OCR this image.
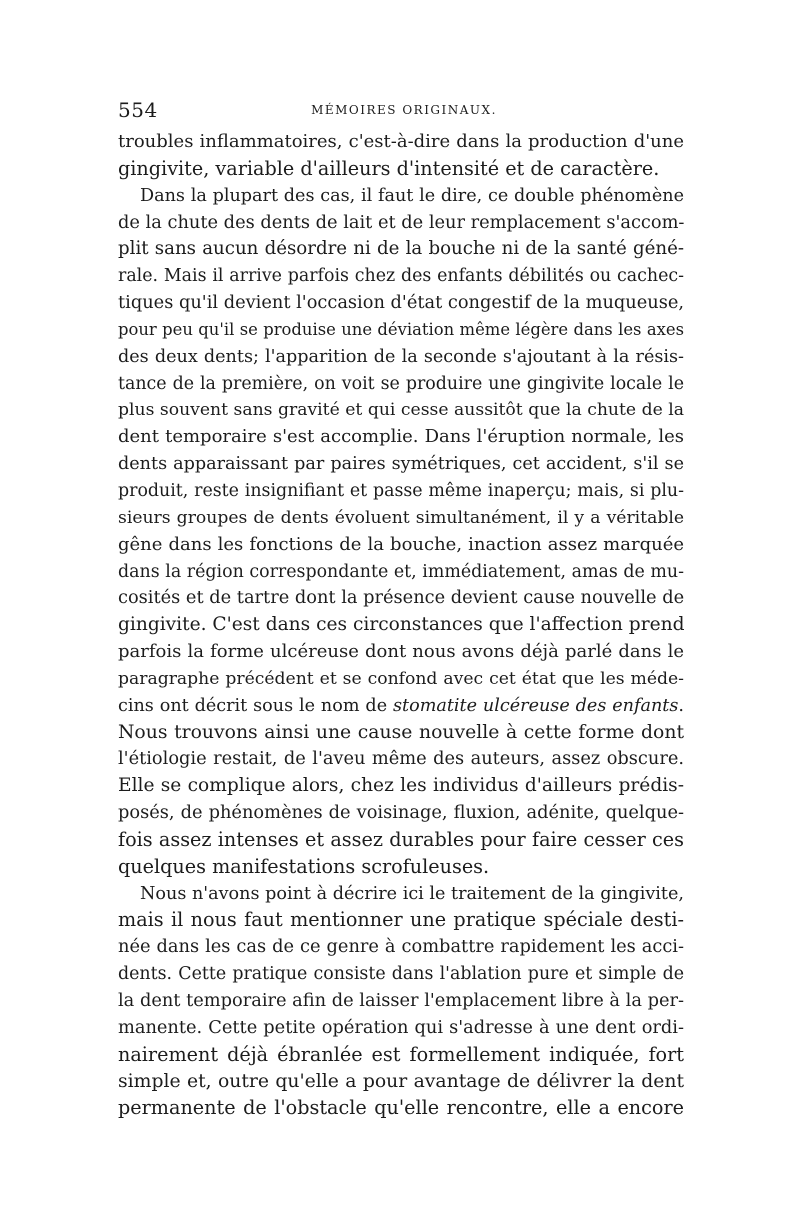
554	MÉMOIRES ORIGINAUX.
troubles inflammatoires, c'est-à-dire dans la production d'une
gingivite, variable d'ailleurs d'intensité et de caractère.
Dans la plupart des cas, il faut le dire, ce double phénomène
de la chute des dents de lait et de leur remplacement s'accom-
plit sans aucun désordre ni de la bouche ni de la santé géné-
rale. Mais il arrive parfois chez des enfants débilités ou cachec-
tiques qu'il devient l'occasion d'état congestif de la muqueuse,
pour peu qu'il se produise une déviation même légère dans les axes
des deux dents; l'apparition de la seconde s'ajoutant à la résis-
tance de la première, on voit se produire une gingivite locale le
plus souvent sans gravité et qui cesse aussitôt que la chute de la
dent temporaire s'est accomplie. Dans l'éruption normale, les
dents apparaissant par paires symétriques, cet accident, s'il se
produit, reste insignifiant et passe même inaperçu; mais, si plu-
sieurs groupes de dents évoluent simultanément, il y a véritable
gêne dans les fonctions de la bouche, inaction assez marquée
dans la région correspondante et, immédiatement, amas de mu-
cosités et de tartre dont la présence devient cause nouvelle de
gingivite. C'est dans ces circonstances que l'affection prend
parfois la forme ulcéreuse dont nous avons déjà parlé dans le
paragraphe précédent et se confond avec cet état que les méde-
cins ont décrit sous le nom de stomatite ulcéreuse des enfants.
Nous trouvons ainsi une cause nouvelle à cette forme dont
l'étiologie restait, de l'aveu même des auteurs, assez obscure.
Elle se complique alors, chez les individus d'ailleurs prédis-
posés, de phénomènes de voisinage, fluxion, adénite, quelque-
fois assez intenses et assez durables pour faire cesser ces
quelques manifestations scrofuleuses.
Nous n'avons point à décrire ici le traitement de la gingivite,
mais il nous faut mentionner une pratique spéciale desti-
née dans les cas de ce genre à combattre rapidement les acci-
dents. Cette pratique consiste dans l'ablation pure et simple de
la dent temporaire afin de laisser l'emplacement libre à la per-
manente. Cette petite opération qui s'adresse à une dent ordi-
nairement déjà ébranlée est formellement indiquée, fort
simple et, outre qu'elle a pour avantage de délivrer la dent
permanente de l'obstacle qu'elle rencontre, elle a encore
